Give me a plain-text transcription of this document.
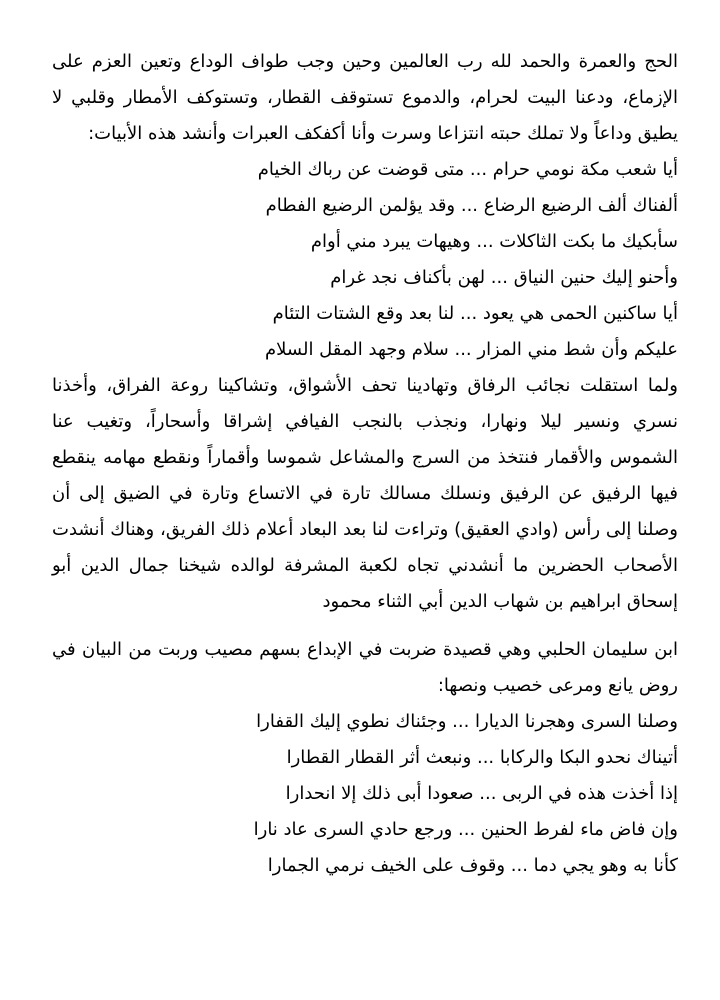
الحج والعمرة والحمد لله رب العالمين وحين وجب طواف الوداع وتعين العزم على الإزماع، ودعنا البيت لحرام، والدموع تستوقف القطار، وتستوكف الأمطار وقلبي لا يطيق وداعاً ولا تملك حبته انتزاعا وسرت وأنا أكفكف العبرات وأنشد هذه الأبيات:

أيا شعب مكة نومي حرام ... متى قوضت عن رباك الخيام

ألفناك ألف الرضيع الرضاع ... وقد يؤلمن الرضيع الفطام

سأبكيك ما بكت الثاكلات ... وهيهات يبرد مني أوام

وأحنو إليك حنين النياق ... لهن بأكناف نجد غرام

أيا ساكنين الحمى هي يعود ... لنا بعد وقع الشتات التئام

عليكم وأن شط مني المزار ... سلام وجهد المقل السلام

ولما استقلت نجائب الرفاق وتهادينا تحف الأشواق، وتشاكينا روعة الفراق، وأخذنا نسري ونسير ليلا ونهارا، ونجذب بالنجب الفيافي إشراقا وأسحاراً، وتغيب عنا الشموس والأقمار فنتخذ من السرج والمشاعل شموسا وأقماراً ونقطع مهامه ينقطع فيها الرفيق عن الرفيق ونسلك مسالك تارة في الاتساع وتارة في الضيق إلى أن وصلنا إلى رأس (وادي العقيق) وتراءت لنا بعد البعاد أعلام ذلك الفريق، وهناك أنشدت الأصحاب الحضرين ما أنشدني تجاه لكعبة المشرفة لوالده شيخنا جمال الدين أبو إسحاق ابراهيم بن شهاب الدين أبي الثناء محمود

ابن سليمان الحلبي وهي قصيدة ضربت في الإبداع بسهم مصيب وربت من البيان في روض يانع ومرعى خصيب ونصها:

وصلنا السرى وهجرنا الديارا ... وجئناك نطوي إليك القفارا

أتيناك نحدو البكا والركابا ... ونبعث أثر القطار القطارا

إذا أخذت هذه في الربى ... صعودا أبى ذلك إلا انحدارا

وإن فاض ماء لفرط الحنين ... ورجع حادي السرى عاد نارا

كأنا به وهو يجي دما ... وقوف على الخيف نرمي الجمارا
